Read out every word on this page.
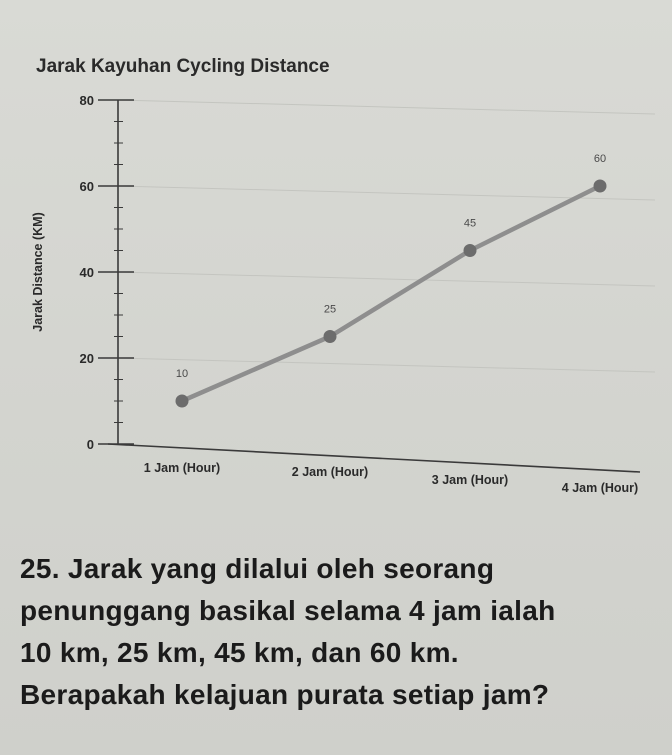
Jarak Kayuhan Cycling Distance
0
20
40
60
80
Jarak Distance (KM)
1 Jam (Hour)	2 Jam (Hour)
3 Jam (Hour)
4 Jam (Hour)
10
25
45
60
25. Jarak yang dilalui oleh seorang
penunggang basikal selama 4 jam ialah
10 km, 25 km, 45 km, dan 60 km.
Berapakah kelajuan purata setiap jam?
